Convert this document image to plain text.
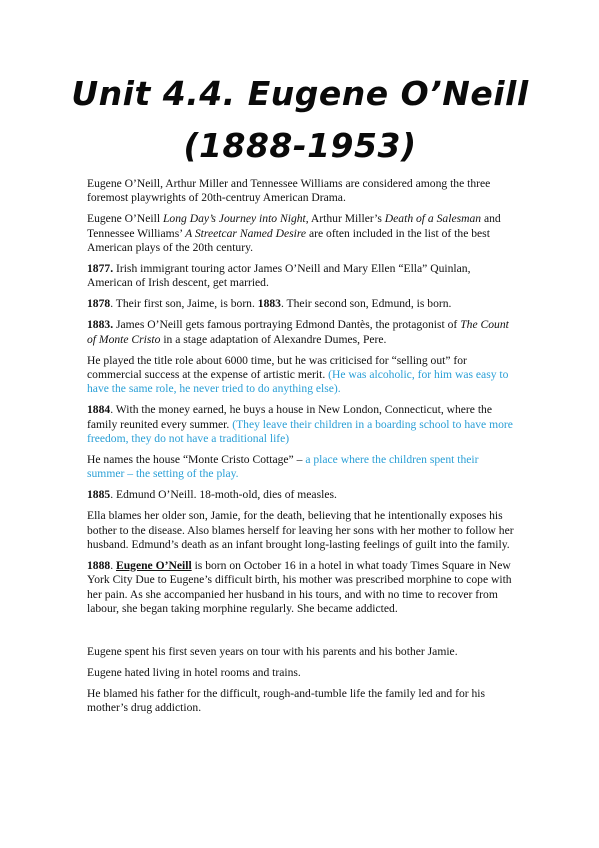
Unit 4.4. Eugene O’Neill (1888-1953)

Eugene O’Neill, Arthur Miller and Tennessee Williams are considered among the three foremost playwrights of 20th-centruy American Drama.

Eugene O’Neill Long Day’s Journey into Night, Arthur Miller’s Death of a Salesman and Tennessee Williams’ A Streetcar Named Desire are often included in the list of the best American plays of the 20th century.

1877. Irish immigrant touring actor James O’Neill and Mary Ellen “Ella” Quinlan, American of Irish descent, get married.

1878. Their first son, Jaime, is born. 1883. Their second son, Edmund, is born.

1883. James O’Neill gets famous portraying Edmond Dantès, the protagonist of The Count of Monte Cristo in a stage adaptation of Alexandre Dumes, Pere.

He played the title role about 6000 time, but he was criticised for “selling out” for commercial success at the expense of artistic merit. (He was alcoholic, for him was easy to have the same role, he never tried to do anything else).

1884. With the money earned, he buys a house in New London, Connecticut, where the family reunited every summer. (They leave their children in a boarding school to have more freedom, they do not have a traditional life)

He names the house “Monte Cristo Cottage” – a place where the children spent their summer – the setting of the play.

1885. Edmund O’Neill. 18-moth-old, dies of measles.

Ella blames her older son, Jamie, for the death, believing that he intentionally exposes his bother to the disease. Also blames herself for leaving her sons with her mother to follow her husband. Edmund’s death as an infant brought long-lasting feelings of guilt into the family.

1888. Eugene O’Neill is born on October 16 in a hotel in what toady Times Square in New York City Due to Eugene’s difficult birth, his mother was prescribed morphine to cope with her pain. As she accompanied her husband in his tours, and with no time to recover from labour, she began taking morphine regularly. She became addicted.

Eugene spent his first seven years on tour with his parents and his bother Jamie.

Eugene hated living in hotel rooms and trains.

He blamed his father for the difficult, rough-and-tumble life the family led and for his mother’s drug addiction.
